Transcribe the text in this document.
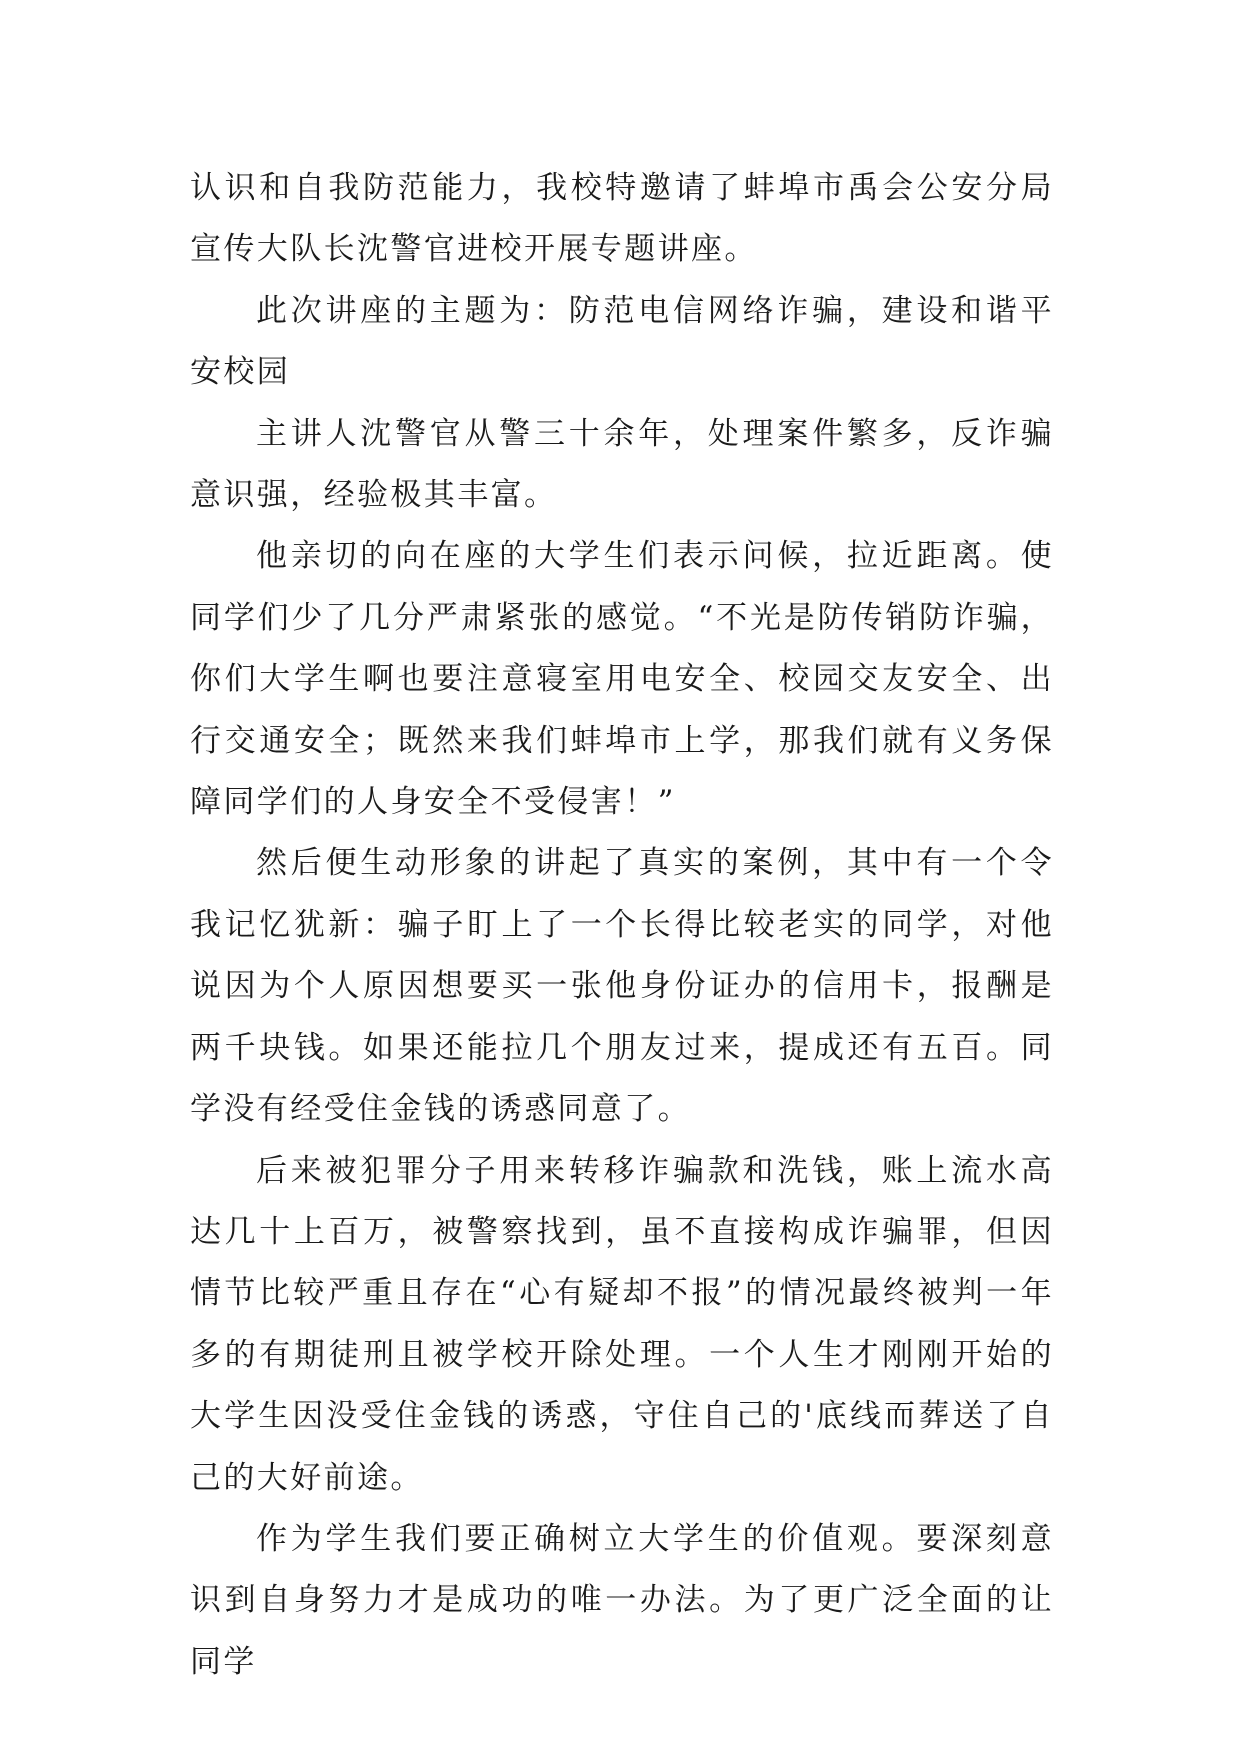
认识和自我防范能力，我校特邀请了蚌埠市禹会公安分局宣传大队长沈警官进校开展专题讲座。

此次讲座的主题为：防范电信网络诈骗，建设和谐平安校园

主讲人沈警官从警三十余年，处理案件繁多，反诈骗意识强，经验极其丰富。

他亲切的向在座的大学生们表示问候，拉近距离。使同学们少了几分严肃紧张的感觉。“不光是防传销防诈骗，你们大学生啊也要注意寝室用电安全、校园交友安全、出行交通安全；既然来我们蚌埠市上学，那我们就有义务保障同学们的人身安全不受侵害！”

然后便生动形象的讲起了真实的案例，其中有一个令我记忆犹新：骗子盯上了一个长得比较老实的同学，对他说因为个人原因想要买一张他身份证办的信用卡，报酬是两千块钱。如果还能拉几个朋友过来，提成还有五百。同学没有经受住金钱的诱惑同意了。

后来被犯罪分子用来转移诈骗款和洗钱，账上流水高达几十上百万，被警察找到，虽不直接构成诈骗罪，但因情节比较严重且存在“心有疑却不报”的情况最终被判一年多的有期徒刑且被学校开除处理。一个人生才刚刚开始的大学生因没受住金钱的诱惑，守住自己的'底线而葬送了自己的大好前途。

作为学生我们要正确树立大学生的价值观。要深刻意识到自身努力才是成功的唯一办法。为了更广泛全面的让同学
